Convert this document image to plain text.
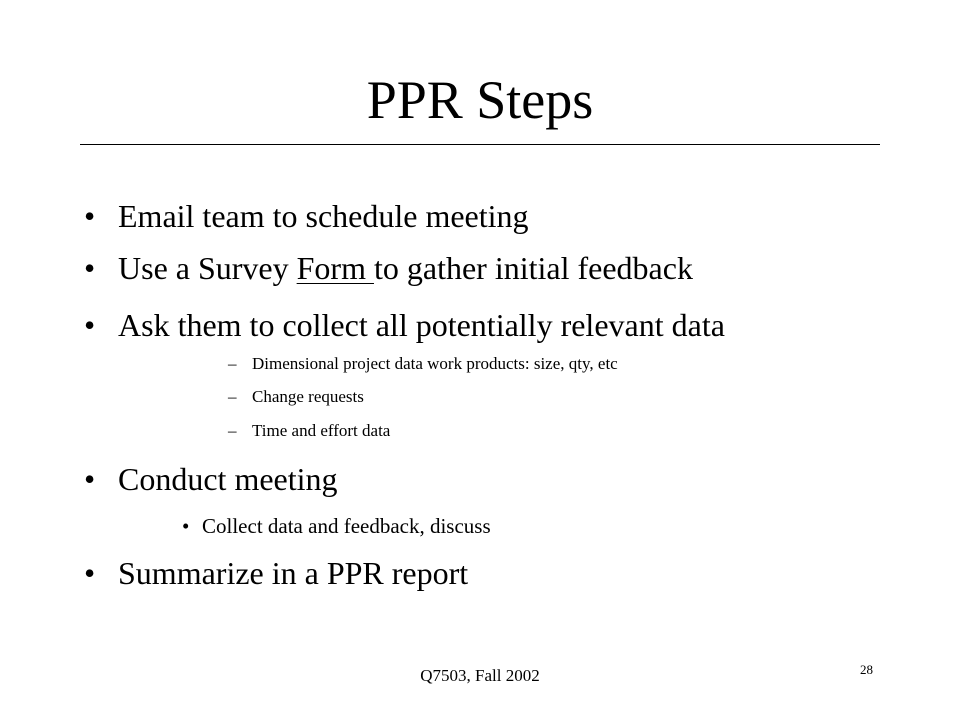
PPR Steps
• Email team to schedule meeting
• Use a Survey Form to gather initial feedback
• Ask them to collect all potentially relevant data
– Dimensional project data work products: size, qty, etc
– Change requests
– Time and effort data
• Conduct meeting
• Collect data and feedback, discuss
• Summarize in a PPR report
Q7503, Fall 2002	28
